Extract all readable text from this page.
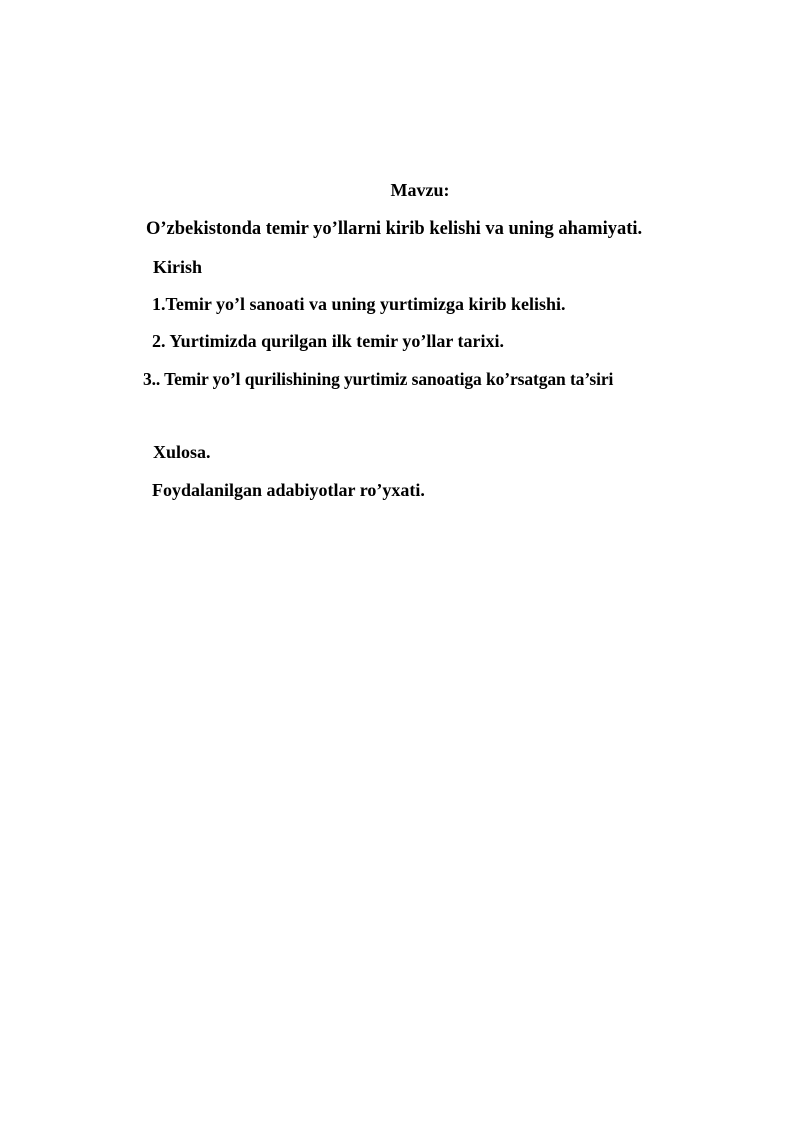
Mavzu:
O’zbekistonda temir yo’llarni kirib kelishi va uning ahamiyati.
Kirish
1.Temir yo’l sanoati va uning yurtimizga kirib kelishi.
2. Yurtimizda qurilgan ilk temir yo’llar tarixi.
3.. Temir yo’l qurilishining yurtimiz sanoatiga ko’rsatgan ta’siri
Xulosa.
Foydalanilgan adabiyotlar ro’yxati.
